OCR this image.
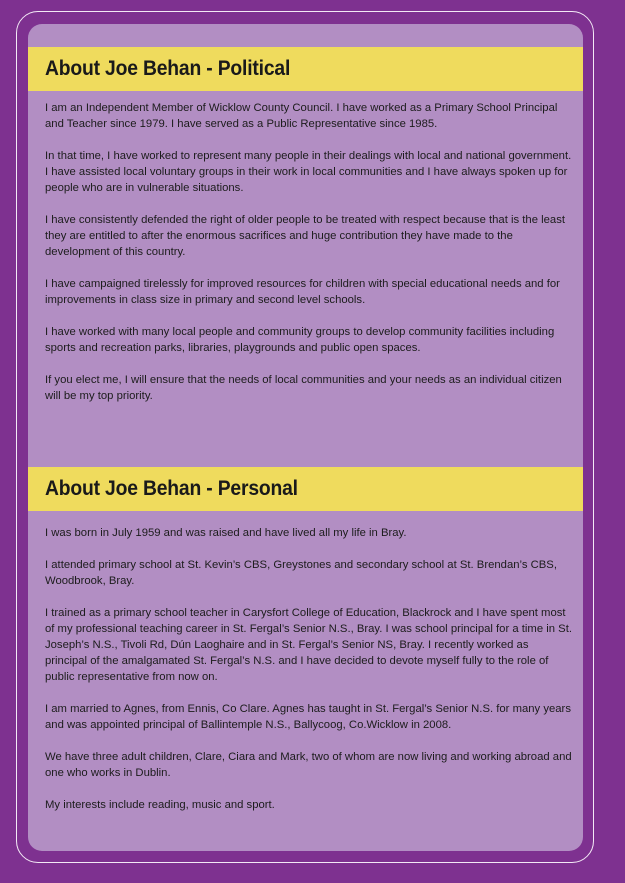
About Joe Behan - Political

I am an Independent Member of Wicklow County Council. I have worked as a Primary School Principal and Teacher since 1979. I have served as a Public Representative since 1985.

In that time, I have worked to represent many people in their dealings with local and national government. I have assisted local voluntary groups in their work in local communities and I have always spoken up for people who are in vulnerable situations.

I have consistently defended the right of older people to be treated with respect because that is the least they are entitled to after the enormous sacrifices and huge contribution they have made to the development of this country.

I have campaigned tirelessly for improved resources for children with special educational needs and for improvements in class size in primary and second level schools.

I have worked with many local people and community groups to develop community facilities including sports and recreation parks, libraries, playgrounds and public open spaces.

If you elect me, I will ensure that the needs of local communities and your needs as an individual citizen will be my top priority.

About Joe Behan - Personal

I was born in July 1959 and was raised and have lived all my life in Bray.

I attended primary school at St. Kevin’s CBS, Greystones and secondary school at St. Brendan’s CBS, Woodbrook, Bray.

I trained as a primary school teacher in Carysfort College of Education, Blackrock and I have spent most of my professional teaching career in St. Fergal’s Senior N.S., Bray. I was school principal for a time in St. Joseph’s N.S., Tivoli Rd, Dún Laoghaire and in St. Fergal’s Senior NS, Bray. I recently worked as principal of the amalgamated St. Fergal’s N.S. and I have decided to devote myself fully to the role of public representative from now on.

I am married to Agnes, from Ennis, Co Clare. Agnes has taught in St. Fergal’s Senior N.S. for many years and was appointed principal of Ballintemple N.S., Ballycoog, Co.Wicklow in 2008.

We have three adult children, Clare, Ciara and Mark, two of whom are now living and working abroad and one who works in Dublin.

My interests include reading, music and sport.
